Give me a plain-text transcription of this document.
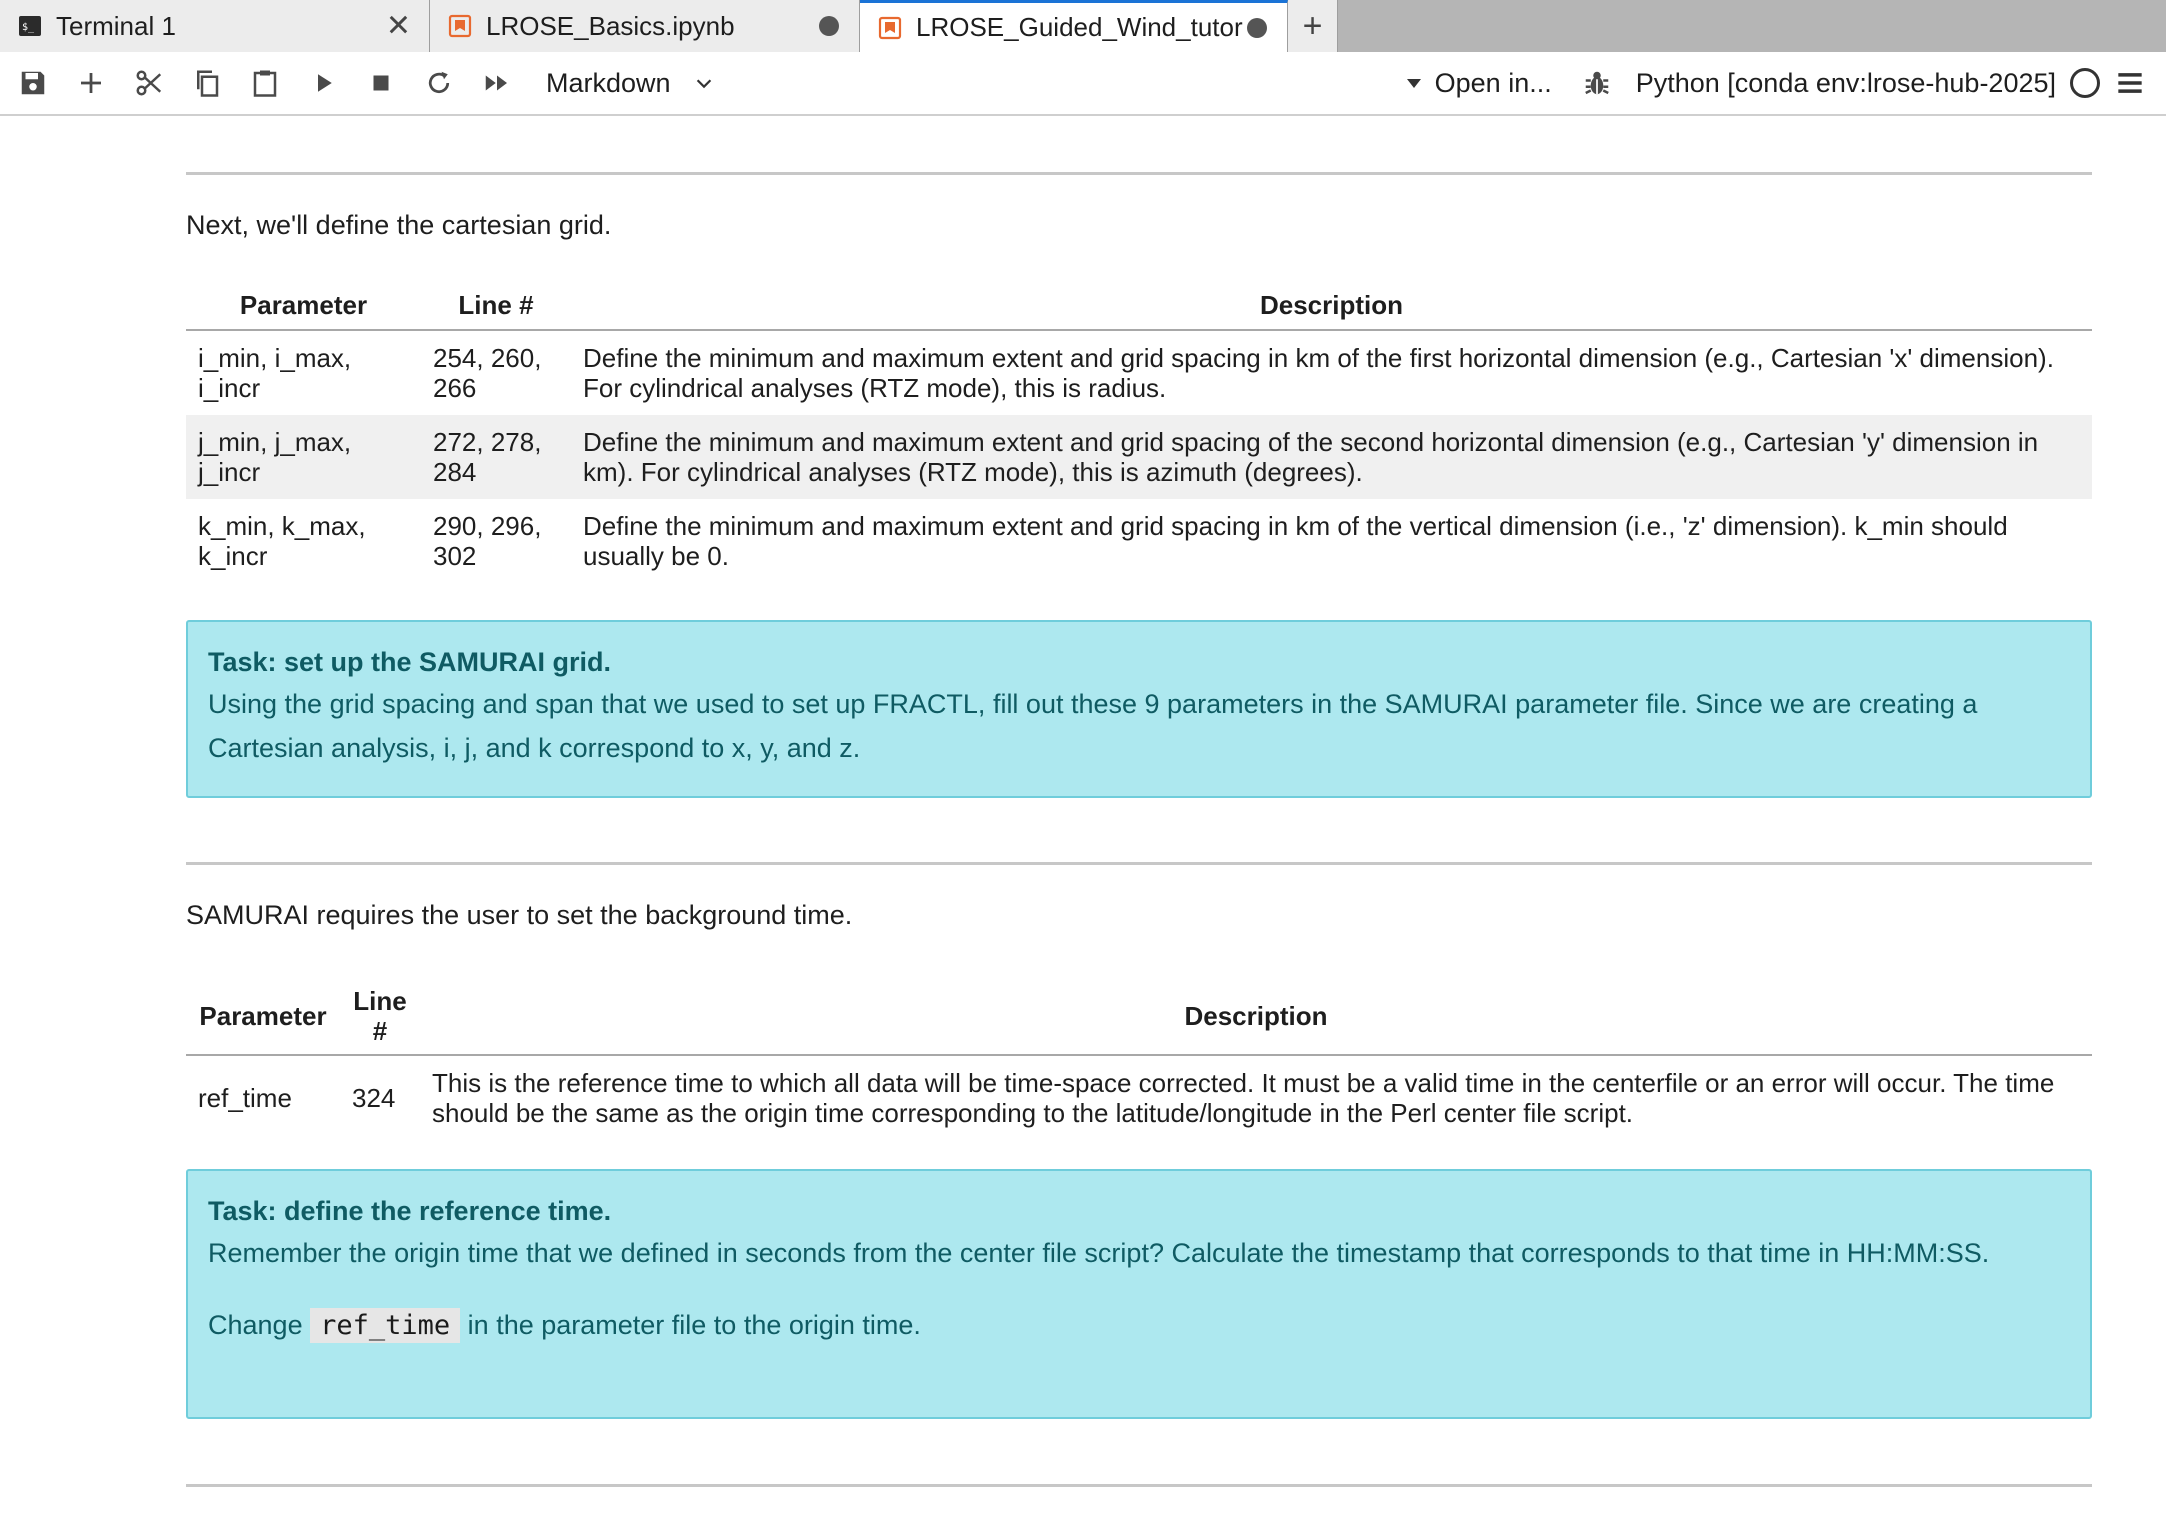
$_ Terminal 1	✕	LROSE_Basics.ipynb	LROSE_Guided_Wind_tutor +
Markdown	Open in...	Python [conda env:lrose-hub-2025]
Next, we'll define the cartesian grid.
Parameter	Line #	Description
i_min, i_max, i_incr	254, 260, 266	Define the minimum and maximum extent and grid spacing in km of the first horizontal dimension (e.g., Cartesian 'x' dimension). For cylindrical analyses (RTZ mode), this is radius.
j_min, j_max, j_incr	272, 278, 284	Define the minimum and maximum extent and grid spacing of the second horizontal dimension (e.g., Cartesian 'y' dimension in km). For cylindrical analyses (RTZ mode), this is azimuth (degrees).
k_min, k_max, k_incr	290, 296, 302	Define the minimum and maximum extent and grid spacing in km of the vertical dimension (i.e., 'z' dimension). k_min should usually be 0.
Task: set up the SAMURAI grid.
Using the grid spacing and span that we used to set up FRACTL, fill out these 9 parameters in the SAMURAI parameter file. Since we are creating a Cartesian analysis, i, j, and k correspond to x, y, and z.
SAMURAI requires the user to set the background time.
Parameter	Line #	Description
ref_time	324	This is the reference time to which all data will be time-space corrected. It must be a valid time in the centerfile or an error will occur. The time should be the same as the origin time corresponding to the latitude/longitude in the Perl center file script.
Task: define the reference time.
Remember the origin time that we defined in seconds from the center file script? Calculate the timestamp that corresponds to that time in HH:MM:SS.
Change ref_time in the parameter file to the origin time.
